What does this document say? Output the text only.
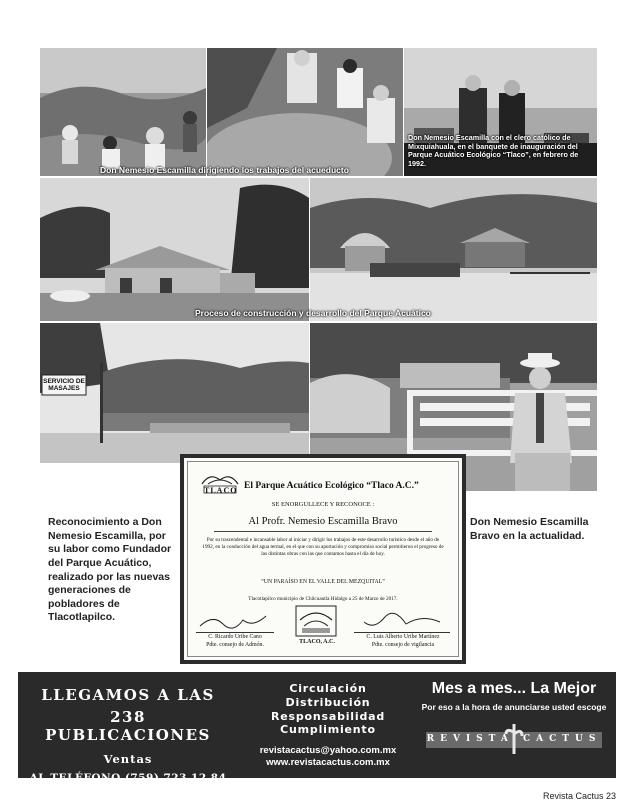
Don Nemesio Escamilla dirigiendo los trabajos del acueducto
Don Nemesio Escamilla con el clero católico de Mixquiahuala, en el banquete de inauguración del Parque Acuático Ecológico “Tlaco”, en febrero de 1992.
Proceso de construcción y desarrollo del Parque Acuático
SERVICIO DE MASAJES
Reconocimiento a Don Nemesio Escamilla, por su labor como Fundador del Parque Acuático, realizado por las nuevas generaciones de pobladores de Tlacotlapilco.
Don Nemesio Escamilla Bravo en la actualidad.
TLACO El Parque Acuático Ecológico “Tlaco A.C.”
SE ENORGULLECE Y RECONOCE :
Al Profr. Nemesio Escamilla Bravo
Por su trascendental e incansable labor al iniciar y dirigir los trabajos de este desarrollo turístico desde el año de 1992, en la conducción del agua termal, en el que con su aportación y compromiso social permitieron el progreso de las distintas obras con las que contamos hasta el día de hoy.
“UN PARAÍSO EN EL VALLE DEL MEZQUITAL”
Tlacotlapilco municipio de Chilcuautla Hidalgo a 25 de Marzo de 2017.
TLACO, A.C.
C. Ricardo Uribe Cano
Pdte. consejo de Admón.
C. Luis Alberto Uribe Martínez
Pdte. consejo de vigilancia
LLEGAMOS A LAS
238 PUBLICACIONES
Ventas
AL TELÉFONO (759) 723 12 84
Circulación
Distribución
Responsabilidad
Cumplimiento
revistacactus@yahoo.com.mx
www.revistacactus.com.mx
Mes a mes... La Mejor
Por eso a la hora de anunciarse usted escoge
REVISTA CACTUS
Revista Cactus 23
